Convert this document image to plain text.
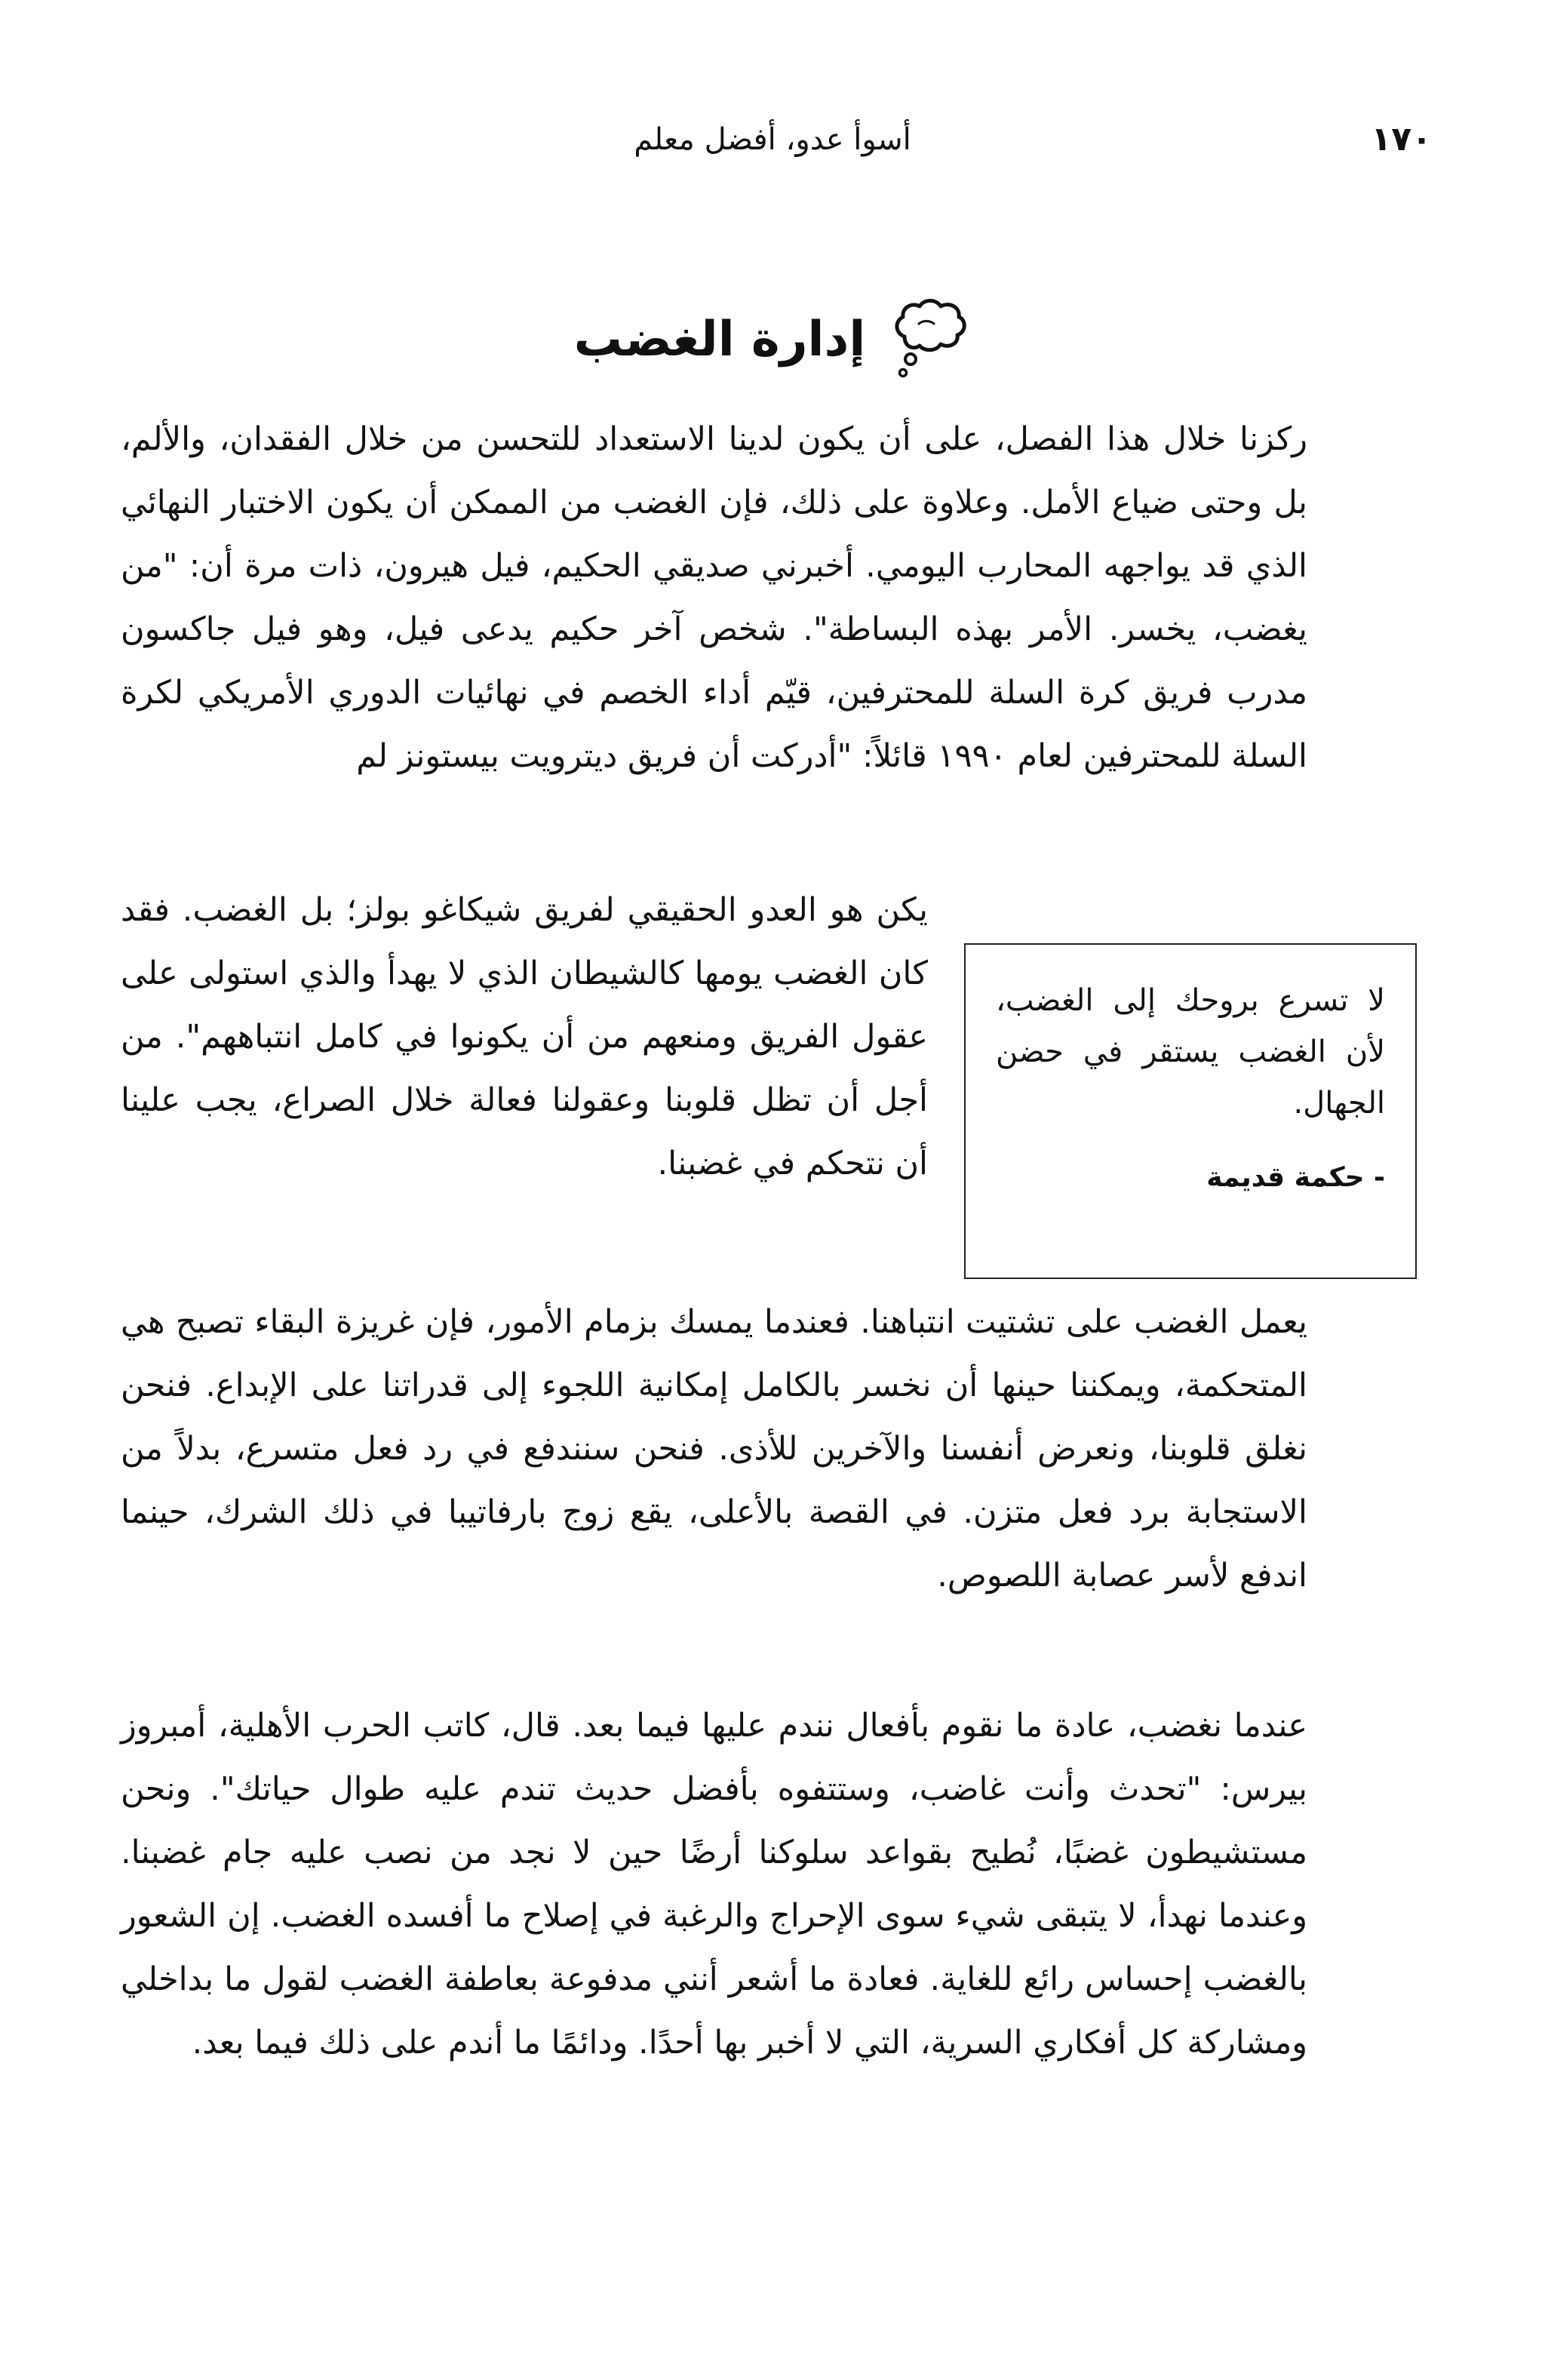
١٧٠
أسوأ عدو، أفضل معلم
إدارة الغضب
ركزنا خلال هذا الفصل، على أن يكون لدينا الاستعداد للتحسن من خلال الفقدان، والألم، بل وحتى ضياع الأمل. وعلاوة على ذلك، فإن الغضب من الممكن أن يكون الاختبار النهائي الذي قد يواجهه المحارب اليومي. أخبرني صديقي الحكيم، فيل هيرون، ذات مرة أن: "من يغضب، يخسر. الأمر بهذه البساطة". شخص آخر حكيم يدعى فيل، وهو فيل جاكسون مدرب فريق كرة السلة للمحترفين، قيّم أداء الخصم في نهائيات الدوري الأمريكي لكرة السلة للمحترفين لعام ١٩٩٠ قائلاً: "أدركت أن فريق ديترويت بيستونز لم
يكن هو العدو الحقيقي لفريق شيكاغو بولز؛ بل الغضب. فقد كان الغضب يومها كالشيطان الذي لا يهدأ والذي استولى على عقول الفريق ومنعهم من أن يكونوا في كامل انتباههم". من أجل أن تظل قلوبنا وعقولنا فعالة خلال الصراع، يجب علينا أن نتحكم في غضبنا.
لا تسرع بروحك إلى الغضب، لأن الغضب يستقر في حضن الجهال.
- حكمة قديمة
يعمل الغضب على تشتيت انتباهنا. فعندما يمسك بزمام الأمور، فإن غريزة البقاء تصبح هي المتحكمة، ويمكننا حينها أن نخسر بالكامل إمكانية اللجوء إلى قدراتنا على الإبداع. فنحن نغلق قلوبنا، ونعرض أنفسنا والآخرين للأذى. فنحن سنندفع في رد فعل متسرع، بدلاً من الاستجابة برد فعل متزن. في القصة بالأعلى، يقع زوج بارفاتيبا في ذلك الشرك، حينما اندفع لأسر عصابة اللصوص.
عندما نغضب، عادة ما نقوم بأفعال نندم عليها فيما بعد. قال، كاتب الحرب الأهلية، أمبروز بيرس: "تحدث وأنت غاضب، وستتفوه بأفضل حديث تندم عليه طوال حياتك". ونحن مستشيطون غضبًا، نُطيح بقواعد سلوكنا أرضًا حين لا نجد من نصب عليه جام غضبنا. وعندما نهدأ، لا يتبقى شيء سوى الإحراج والرغبة في إصلاح ما أفسده الغضب. إن الشعور بالغضب إحساس رائع للغاية. فعادة ما أشعر أنني مدفوعة بعاطفة الغضب لقول ما بداخلي ومشاركة كل أفكاري السرية، التي لا أخبر بها أحدًا. ودائمًا ما أندم على ذلك فيما بعد.
